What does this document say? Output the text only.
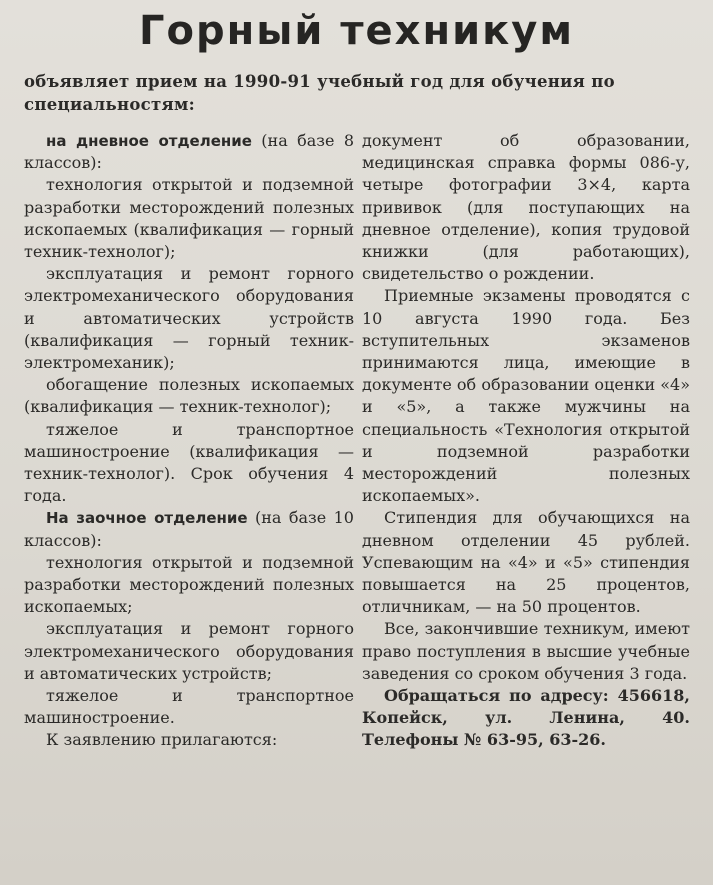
Горный техникум
объявляет прием на 1990-91 учебный год для обучения по специальностям:

на дневное отделение (на базе 8 классов):

технология открытой и подземной разработки месторождений полезных ископаемых (квалификация — горный техник-технолог);

эксплуатация и ремонт горного электромеханического оборудования и автоматических устройств (квалификация — горный техник-электромеханик);

обогащение полезных ископаемых (квалификация — техник-технолог);

тяжелое и транспортное машиностроение (квалификация — техник-технолог). Срок обучения 4 года.

На заочное отделение (на базе 10 классов):

технология открытой и подземной разработки месторождений полезных ископаемых;

эксплуатация и ремонт горного электромеханического оборудования и автоматических устройств;

тяжелое и транспортное машиностроение.

К заявлению прилагаются:

документ об образовании, медицинская справка формы 086-у, четыре фотографии 3×4, карта прививок (для поступающих на дневное отделение), копия трудовой книжки (для работающих), свидетельство о рождении.

Приемные экзамены проводятся с 10 августа 1990 года. Без вступительных экзаменов принимаются лица, имеющие в документе об образовании оценки «4» и «5», а также мужчины на специальность «Технология открытой и подземной разработки месторождений полезных ископаемых».

Стипендия для обучающихся на дневном отделении 45 рублей. Успевающим на «4» и «5» стипендия повышается на 25 процентов, отличникам, — на 50 процентов.

Все, закончившие техникум, имеют право поступления в высшие учебные заведения со сроком обучения 3 года.

Обращаться по адресу: 456618, Копейск, ул. Ленина, 40. Телефоны № 63-95, 63-26.
